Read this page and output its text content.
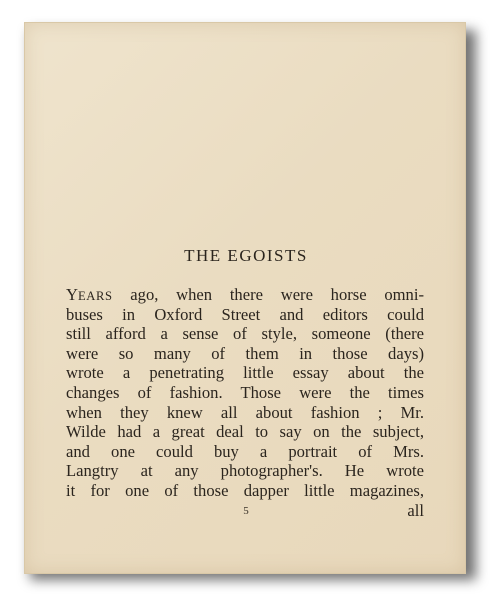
THE EGOISTS
YEARS ago, when there were horse omni-
buses in Oxford Street and editors could
still afford a sense of style, someone (there
were so many of them in those days)
wrote a penetrating little essay about the
changes of fashion. Those were the times
when they knew all about fashion ; Mr.
Wilde had a great deal to say on the subject,
and one could buy a portrait of Mrs.
Langtry at any photographer's. He wrote
it for one of those dapper little magazines,
all
5
